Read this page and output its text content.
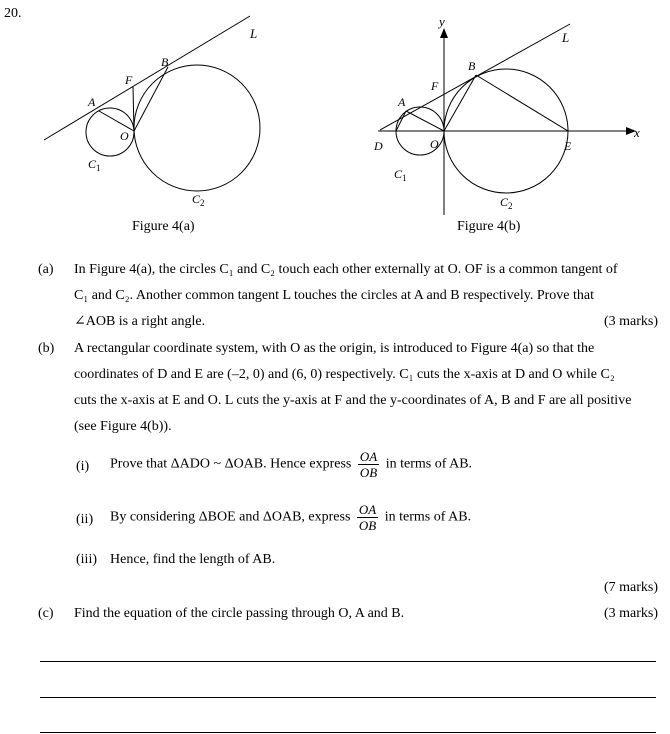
20.
L
B
F
A
O
$C_1$
$C_2$
Figure 4(a)
y
x
L
B
F
A
D	O	E
$C_1$
$C_2$
Figure 4(b)
(a) In Figure 4(a), the circles C₁ and C₂ touch each other externally at O. OF is a common tangent of
C₁ and C₂. Another common tangent L touches the circles at A and B respectively. Prove that
∠AOB is a right angle.	(3 marks)
(b) A rectangular coordinate system, with O as the origin, is introduced to Figure 4(a) so that the
coordinates of D and E are (–2, 0) and (6, 0) respectively. C₁ cuts the x-axis at D and O while C₂
cuts the x-axis at E and O. L cuts the y-axis at F and the y-coordinates of A, B and F are all positive
(see Figure 4(b)).
(i) Prove that ΔADO ~ ΔOAB. Hence express $\frac{OA}{OB}$ in terms of AB.
(ii) By considering ΔBOE and ΔOAB, express $\frac{OA}{OB}$ in terms of AB.
(iii) Hence, find the length of AB.
(7 marks)
(c) Find the equation of the circle passing through O, A and B.	(3 marks)
